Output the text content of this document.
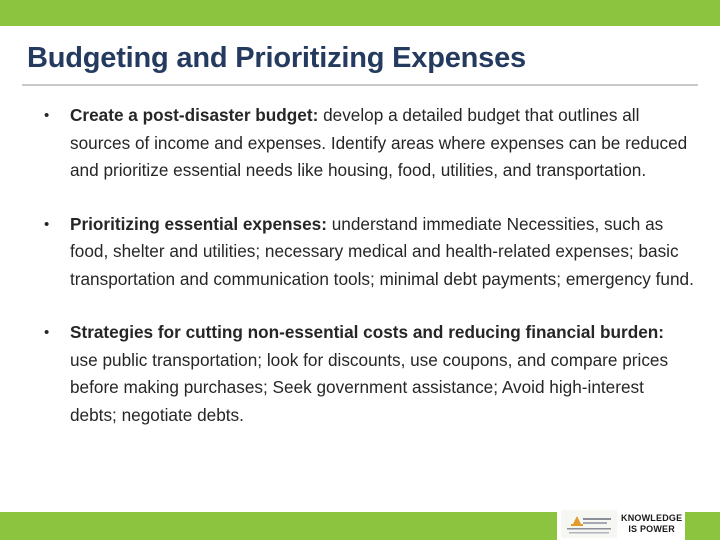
Budgeting and Prioritizing Expenses
• Create a post-disaster budget: develop a detailed budget that outlines all sources of income and expenses. Identify areas where expenses can be reduced and prioritize essential needs like housing, food, utilities, and transportation.
• Prioritizing essential expenses: understand immediate Necessities, such as food, shelter and utilities; necessary medical and health-related expenses; basic transportation and communication tools; minimal debt payments; emergency fund.
• Strategies for cutting non-essential costs and reducing financial burden: use public transportation; look for discounts, use coupons, and compare prices before making purchases; Seek government assistance; Avoid high-interest debts; negotiate debts.
KNOWLEDGE
IS POWER
